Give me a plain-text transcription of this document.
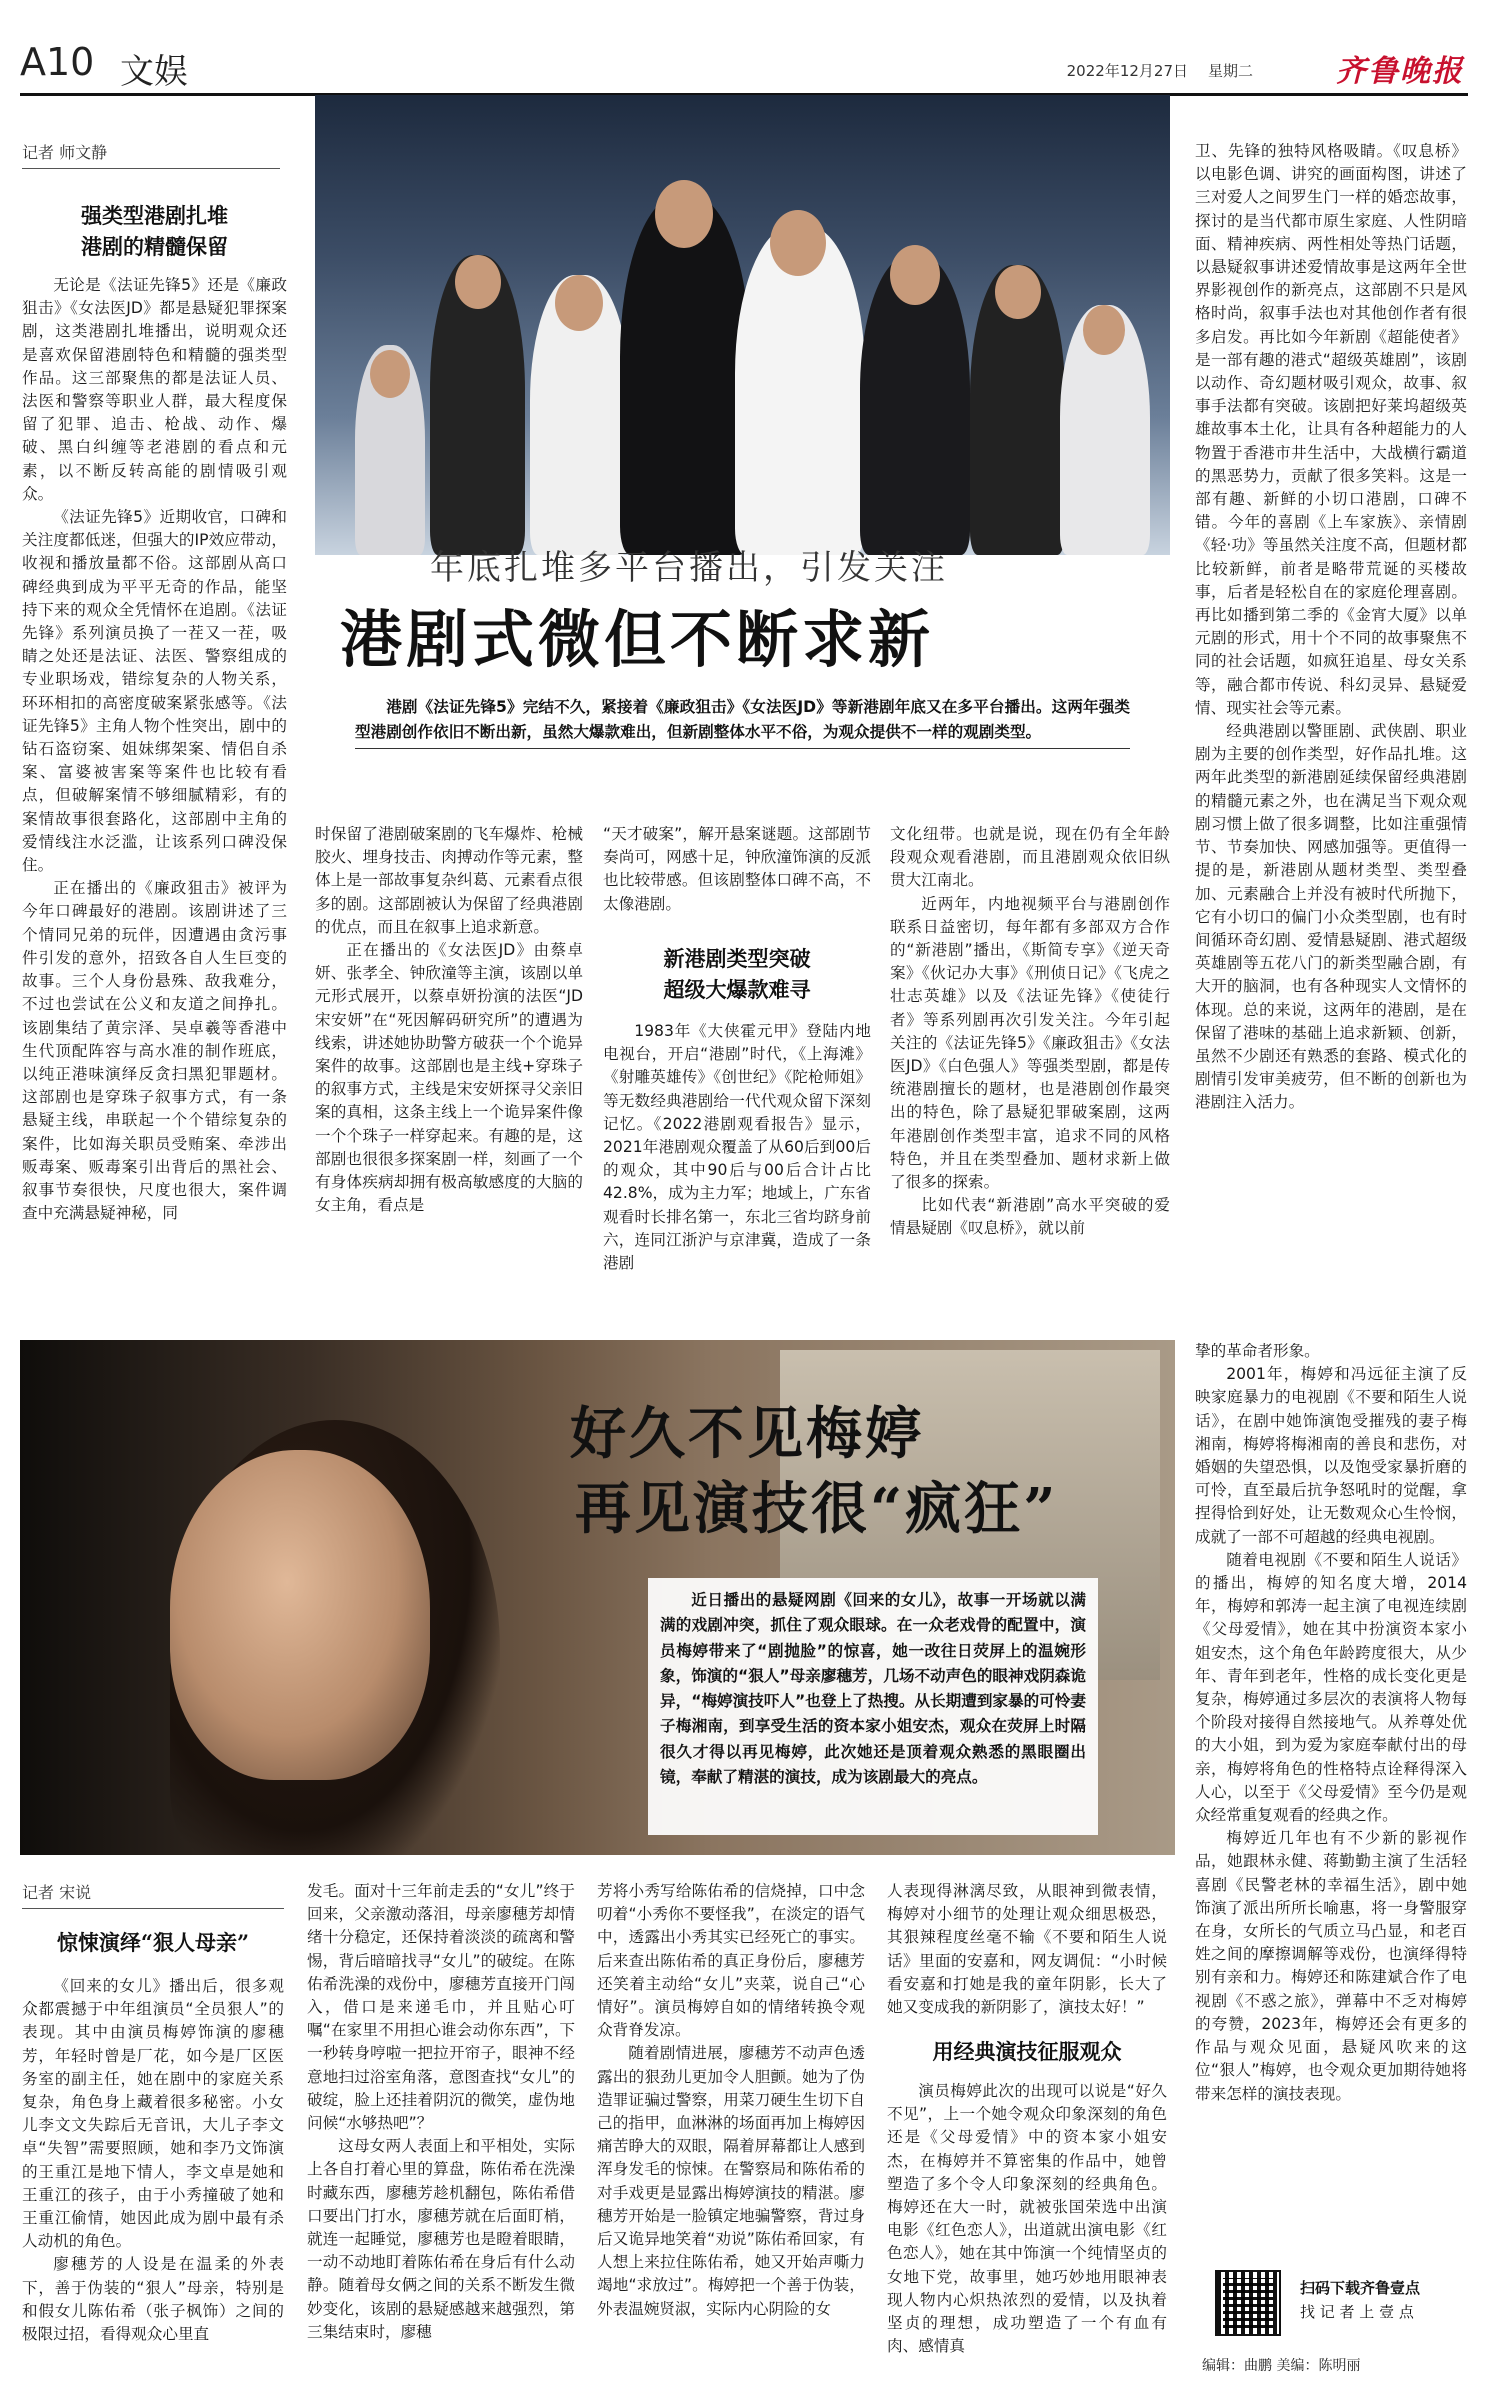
A10 文娱	2022年12月27日 星期二	齐鲁晚报
记者 师文静
强类型港剧扎堆
港剧的精髓保留

无论是《法证先锋5》还是《廉政狙击》《女法医JD》都是悬疑犯罪探案剧，这类港剧扎堆播出，说明观众还是喜欢保留港剧特色和精髓的强类型作品。这三部聚焦的都是法证人员、法医和警察等职业人群，最大程度保留了犯罪、追击、枪战、动作、爆破、黑白纠缠等老港剧的看点和元素，以不断反转高能的剧情吸引观众。

《法证先锋5》近期收官，口碑和关注度都低迷，但强大的IP效应带动，收视和播放量都不俗。这部剧从高口碑经典到成为平平无奇的作品，能坚持下来的观众全凭情怀在追剧。《法证先锋》系列演员换了一茬又一茬，吸睛之处还是法证、法医、警察组成的专业职场戏，错综复杂的人物关系，环环相扣的高密度破案紧张感等。《法证先锋5》主角人物个性突出，剧中的钻石盗窃案、姐妹绑架案、情侣自杀案、富婆被害案等案件也比较有看点，但破解案情不够细腻精彩，有的案情故事很套路化，这部剧中主角的爱情线注水泛滥，让该系列口碑没保住。

正在播出的《廉政狙击》被评为今年口碑最好的港剧。该剧讲述了三个情同兄弟的玩伴，因遭遇由贪污事件引发的意外，招致各自人生巨变的故事。三个人身份悬殊、敌我难分，不过也尝试在公义和友道之间挣扎。该剧集结了黄宗泽、吴卓羲等香港中生代顶配阵容与高水准的制作班底，以纯正港味演绎反贪扫黑犯罪题材。这部剧也是穿珠子叙事方式，有一条悬疑主线，串联起一个个错综复杂的案件，比如海关职员受贿案、牵涉出贩毒案、贩毒案引出背后的黑社会、叙事节奏很快，尺度也很大，案件调查中充满悬疑神秘，同

年底扎堆多平台播出，引发关注
港剧式微但不断求新
港剧《法证先锋5》完结不久，紧接着《廉政狙击》《女法医JD》等新港剧年底又在多平台播出。这两年强类型港剧创作依旧不断出新，虽然大爆款难出，但新剧整体水平不俗，为观众提供不一样的观剧类型。

时保留了港剧破案剧的飞车爆炸、枪械胶火、埋身技击、肉搏动作等元素，整体上是一部故事复杂纠葛、元素看点很多的剧。这部剧被认为保留了经典港剧的优点，而且在叙事上追求新意。

正在播出的《女法医JD》由蔡卓妍、张孝全、钟欣潼等主演，该剧以单元形式展开，以蔡卓妍扮演的法医“JD宋安妍”在“死因解码研究所”的遭遇为线索，讲述她协助警方破获一个个诡异案件的故事。这部剧也是主线+穿珠子的叙事方式，主线是宋安妍探寻父亲旧案的真相，这条主线上一个诡异案件像一个个珠子一样穿起来。有趣的是，这部剧也很很多探案剧一样，刻画了一个有身体疾病却拥有极高敏感度的大脑的女主角，看点是

“天才破案”，解开悬案谜题。这部剧节奏尚可，网感十足，钟欣潼饰演的反派也比较带感。但该剧整体口碑不高，不太像港剧。

新港剧类型突破
超级大爆款难寻

1983年《大侠霍元甲》登陆内地电视台，开启“港剧”时代，《上海滩》《射雕英雄传》《创世纪》《陀枪师姐》等无数经典港剧给一代代观众留下深刻记忆。《2022港剧观看报告》显示，2021年港剧观众覆盖了从60后到00后的观众，其中90后与00后合计占比42.8%，成为主力军；地域上，广东省观看时长排名第一，东北三省均跻身前六，连同江浙沪与京津冀，造成了一条港剧

文化纽带。也就是说，现在仍有全年龄段观众观看港剧，而且港剧观众依旧纵贯大江南北。

近两年，内地视频平台与港剧创作联系日益密切，每年都有多部双方合作的“新港剧”播出，《斯简专享》《逆天奇案》《伙记办大事》《刑侦日记》《飞虎之壮志英雄》以及《法证先锋》《使徒行者》等系列剧再次引发关注。今年引起关注的《法证先锋5》《廉政狙击》《女法医JD》《白色强人》等强类型剧，都是传统港剧擅长的题材，也是港剧创作最突出的特色，除了悬疑犯罪破案剧，这两年港剧创作类型丰富，追求不同的风格特色，并且在类型叠加、题材求新上做了很多的探索。

比如代表“新港剧”高水平突破的爱情悬疑剧《叹息桥》，就以前

卫、先锋的独特风格吸睛。《叹息桥》以电影色调、讲究的画面构图，讲述了三对爱人之间罗生门一样的婚恋故事，探讨的是当代都市原生家庭、人性阴暗面、精神疾病、两性相处等热门话题，以悬疑叙事讲述爱情故事是这两年全世界影视创作的新亮点，这部剧不只是风格时尚，叙事手法也对其他创作者有很多启发。再比如今年新剧《超能使者》是一部有趣的港式“超级英雄剧”，该剧以动作、奇幻题材吸引观众，故事、叙事手法都有突破。该剧把好莱坞超级英雄故事本土化，让具有各种超能力的人物置于香港市井生活中，大战横行霸道的黑恶势力，贡献了很多笑料。这是一部有趣、新鲜的小切口港剧，口碑不错。今年的喜剧《上车家族》、亲情剧《轻·功》等虽然关注度不高，但题材都比较新鲜，前者是略带荒诞的买楼故事，后者是轻松自在的家庭伦理喜剧。再比如播到第二季的《金宵大厦》以单元剧的形式，用十个不同的故事聚焦不同的社会话题，如疯狂追星、母女关系等，融合都市传说、科幻灵异、悬疑爱情、现实社会等元素。

经典港剧以警匪剧、武侠剧、职业剧为主要的创作类型，好作品扎堆。这两年此类型的新港剧延续保留经典港剧的精髓元素之外，也在满足当下观众观剧习惯上做了很多调整，比如注重强情节、节奏加快、网感加强等。更值得一提的是，新港剧从题材类型、类型叠加、元素融合上并没有被时代所抛下，它有小切口的偏门小众类型剧，也有时间循环奇幻剧、爱情悬疑剧、港式超级英雄剧等五花八门的新类型融合剧，有大开的脑洞，也有各种现实人文情怀的体现。总的来说，这两年的港剧，是在保留了港味的基础上追求新颖、创新，虽然不少剧还有熟悉的套路、模式化的剧情引发审美疲劳，但不断的创新也为港剧注入活力。

好久不见梅婷
再见演技很“疯狂”
近日播出的悬疑网剧《回来的女儿》，故事一开场就以满满的戏剧冲突，抓住了观众眼球。在一众老戏骨的配置中，演员梅婷带来了“剧抛脸”的惊喜，她一改往日荧屏上的温婉形象，饰演的“狠人”母亲廖穗芳，几场不动声色的眼神戏阴森诡异，“梅婷演技吓人”也登上了热搜。从长期遭到家暴的可怜妻子梅湘南，到享受生活的资本家小姐安杰，观众在荧屏上时隔很久才得以再见梅婷，此次她还是顶着观众熟悉的黑眼圈出镜，奉献了精湛的演技，成为该剧最大的亮点。

挚的革命者形象。

2001年，梅婷和冯远征主演了反映家庭暴力的电视剧《不要和陌生人说话》，在剧中她饰演饱受摧残的妻子梅湘南，梅婷将梅湘南的善良和悲伤，对婚姻的失望恐惧，以及饱受家暴折磨的可怜，直至最后抗争怒吼时的觉醒，拿捏得恰到好处，让无数观众心生怜悯，成就了一部不可超越的经典电视剧。

随着电视剧《不要和陌生人说话》的播出，梅婷的知名度大增，2014年，梅婷和郭涛一起主演了电视连续剧《父母爱情》，她在其中扮演资本家小姐安杰，这个角色年龄跨度很大，从少年、青年到老年，性格的成长变化更是复杂，梅婷通过多层次的表演将人物每个阶段对接得自然接地气。从养尊处优的大小姐，到为爱为家庭奉献付出的母亲，梅婷将角色的性格特点诠释得深入人心，以至于《父母爱情》至今仍是观众经常重复观看的经典之作。

梅婷近几年也有不少新的影视作品，她跟林永健、蒋勤勤主演了生活轻喜剧《民警老林的幸福生活》，剧中她饰演了派出所所长喻惠，将一身警服穿在身，女所长的气质立马凸显，和老百姓之间的摩擦调解等戏份，也演绎得特别有亲和力。梅婷还和陈建斌合作了电视剧《不惑之旅》，弹幕中不乏对梅婷的夸赞，2023年，梅婷还会有更多的作品与观众见面，悬疑风吹来的这位“狠人”梅婷，也令观众更加期待她将带来怎样的演技表现。

记者 宋说
惊悚演绎“狠人母亲”

《回来的女儿》播出后，很多观众都震撼于中年组演员“全员狠人”的表现。其中由演员梅婷饰演的廖穗芳，年轻时曾是厂花，如今是厂区医务室的副主任，她在剧中的家庭关系复杂，角色身上藏着很多秘密。小女儿李文文失踪后无音讯，大儿子李文卓“失智”需要照顾，她和李乃文饰演的王重江是地下情人，李文卓是她和王重江的孩子，由于小秀撞破了她和王重江偷情，她因此成为剧中最有杀人动机的角色。

廖穗芳的人设是在温柔的外表下，善于伪装的“狠人”母亲，特别是和假女儿陈佑希（张子枫饰）之间的极限过招，看得观众心里直

发毛。面对十三年前走丢的“女儿”终于回来，父亲激动落泪，母亲廖穗芳却情绪十分稳定，还保持着淡淡的疏离和警惕，背后暗暗找寻“女儿”的破绽。在陈佑希洗澡的戏份中，廖穗芳直接开门闯入，借口是来递毛巾，并且贴心叮嘱“在家里不用担心谁会动你东西”，下一秒转身哼啦一把拉开帘子，眼神不经意地扫过浴室角落，意图查找“女儿”的破绽，脸上还挂着阴沉的微笑，虚伪地问候“水够热吧”？

这母女两人表面上和平相处，实际上各自打着心里的算盘，陈佑希在洗澡时藏东西，廖穗芳趁机翻包，陈佑希借口要出门打水，廖穗芳就在后面盯梢，就连一起睡觉，廖穗芳也是瞪着眼睛，一动不动地盯着陈佑希在身后有什么动静。随着母女俩之间的关系不断发生微妙变化，该剧的悬疑感越来越强烈，第三集结束时，廖穗

芳将小秀写给陈佑希的信烧掉，口中念叨着“小秀你不要怪我”，在淡定的语气中，透露出小秀其实已经死亡的事实。后来查出陈佑希的真正身份后，廖穗芳还笑着主动给“女儿”夹菜，说自己“心情好”。演员梅婷自如的情绪转换令观众背脊发凉。

随着剧情进展，廖穗芳不动声色透露出的狠劲儿更加令人胆颤。她为了伪造罪证骗过警察，用菜刀硬生生切下自己的指甲，血淋淋的场面再加上梅婷因痛苦睁大的双眼，隔着屏幕都让人感到浑身发毛的惊悚。在警察局和陈佑希的对手戏更是显露出梅婷演技的精湛。廖穗芳开始是一脸镇定地骗警察，背过身后又诡异地笑着“劝说”陈佑希回家，有人想上来拉住陈佑希，她又开始声嘶力竭地“求放过”。梅婷把一个善于伪装，外表温婉贤淑，实际内心阴险的女

人表现得淋漓尽致，从眼神到微表情，梅婷对小细节的处理让观众细思极恐，其狠辣程度丝毫不输《不要和陌生人说话》里面的安嘉和，网友调侃：“小时候看安嘉和打她是我的童年阴影，长大了她又变成我的新阴影了，演技太好！”

用经典演技征服观众

演员梅婷此次的出现可以说是“好久不见”，上一个她令观众印象深刻的角色还是《父母爱情》中的资本家小姐安杰，在梅婷并不算密集的作品中，她曾塑造了多个令人印象深刻的经典角色。梅婷还在大一时，就被张国荣选中出演电影《红色恋人》，出道就出演电影《红色恋人》，她在其中饰演一个纯情坚贞的女地下党，故事里，她巧妙地用眼神表现人物内心炽热浓烈的爱情，以及执着坚贞的理想，成功塑造了一个有血有肉、感情真

扫码下载齐鲁壹点
找 记 者 上 壹 点
编辑：曲鹏 美编：陈明丽
